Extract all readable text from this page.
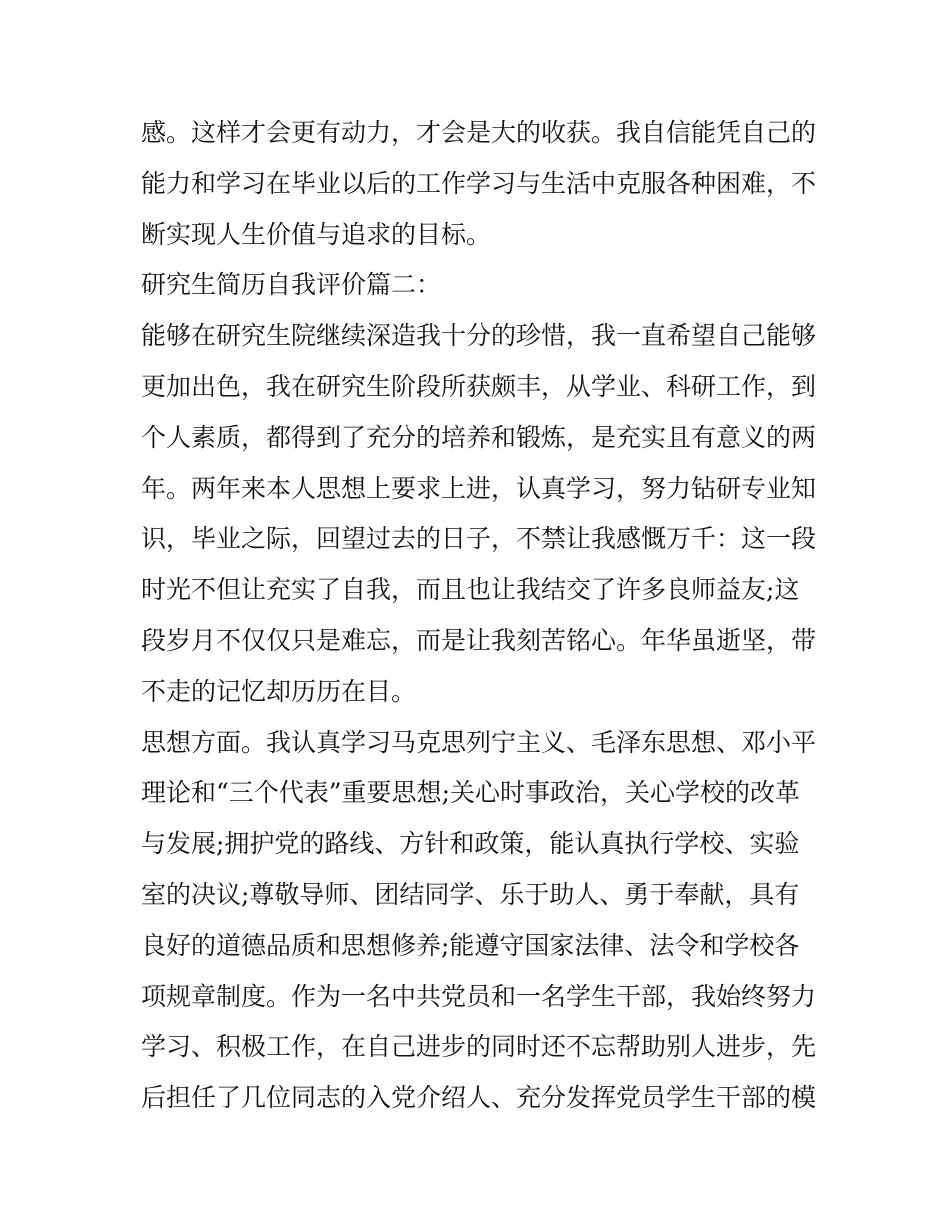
感。这样才会更有动力，才会是大的收获。我自信能凭自己的
能力和学习在毕业以后的工作学习与生活中克服各种困难，不
断实现人生价值与追求的目标。
研究生简历自我评价篇二：
能够在研究生院继续深造我十分的珍惜，我一直希望自己能够
更加出色，我在研究生阶段所获颇丰，从学业、科研工作，到
个人素质，都得到了充分的培养和锻炼，是充实且有意义的两
年。两年来本人思想上要求上进，认真学习，努力钻研专业知
识，毕业之际，回望过去的日子，不禁让我感慨万千：这一段
时光不但让充实了自我，而且也让我结交了许多良师益友;这
段岁月不仅仅只是难忘，而是让我刻苦铭心。年华虽逝坚，带
不走的记忆却历历在目。
思想方面。我认真学习马克思列宁主义、毛泽东思想、邓小平
理论和“三个代表”重要思想;关心时事政治，关心学校的改革
与发展;拥护党的路线、方针和政策，能认真执行学校、实验
室的决议;尊敬导师、团结同学、乐于助人、勇于奉献，具有
良好的道德品质和思想修养;能遵守国家法律、法令和学校各
项规章制度。作为一名中共党员和一名学生干部，我始终努力
学习、积极工作，在自己进步的同时还不忘帮助别人进步，先
后担任了几位同志的入党介绍人、充分发挥党员学生干部的模
